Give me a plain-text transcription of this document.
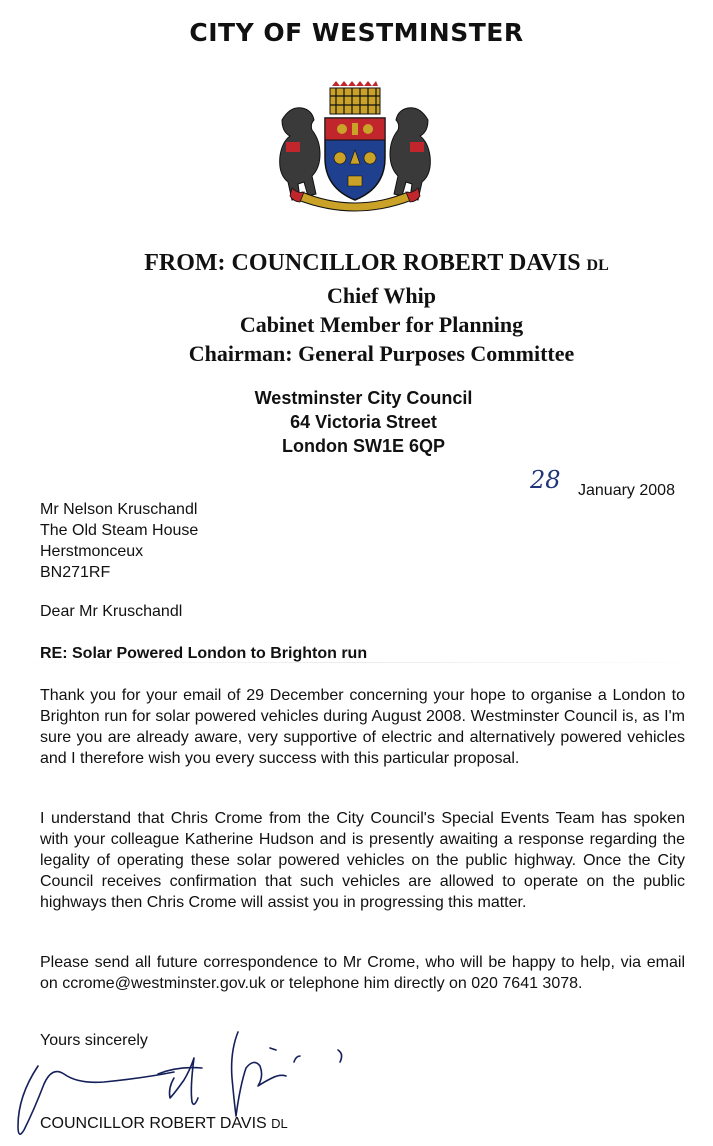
CITY OF WESTMINSTER
FROM: COUNCILLOR ROBERT DAVIS DL
Chief Whip
Cabinet Member for Planning
Chairman: General Purposes Committee
Westminster City Council
64 Victoria Street
London SW1E 6QP
28 January 2008
Mr Nelson Kruschandl
The Old Steam House
Herstmonceux
BN271RF
Dear Mr Kruschandl
RE: Solar Powered London to Brighton run
Thank you for your email of 29 December concerning your hope to organise a London to Brighton run for solar powered vehicles during August 2008. Westminster Council is, as I'm sure you are already aware, very supportive of electric and alternatively powered vehicles and I therefore wish you every success with this particular proposal.
I understand that Chris Crome from the City Council's Special Events Team has spoken with your colleague Katherine Hudson and is presently awaiting a response regarding the legality of operating these solar powered vehicles on the public highway. Once the City Council receives confirmation that such vehicles are allowed to operate on the public highways then Chris Crome will assist you in progressing this matter.
Please send all future correspondence to Mr Crome, who will be happy to help, via email on ccrome@westminster.gov.uk or telephone him directly on 020 7641 3078.
Yours sincerely
COUNCILLOR ROBERT DAVIS DL
